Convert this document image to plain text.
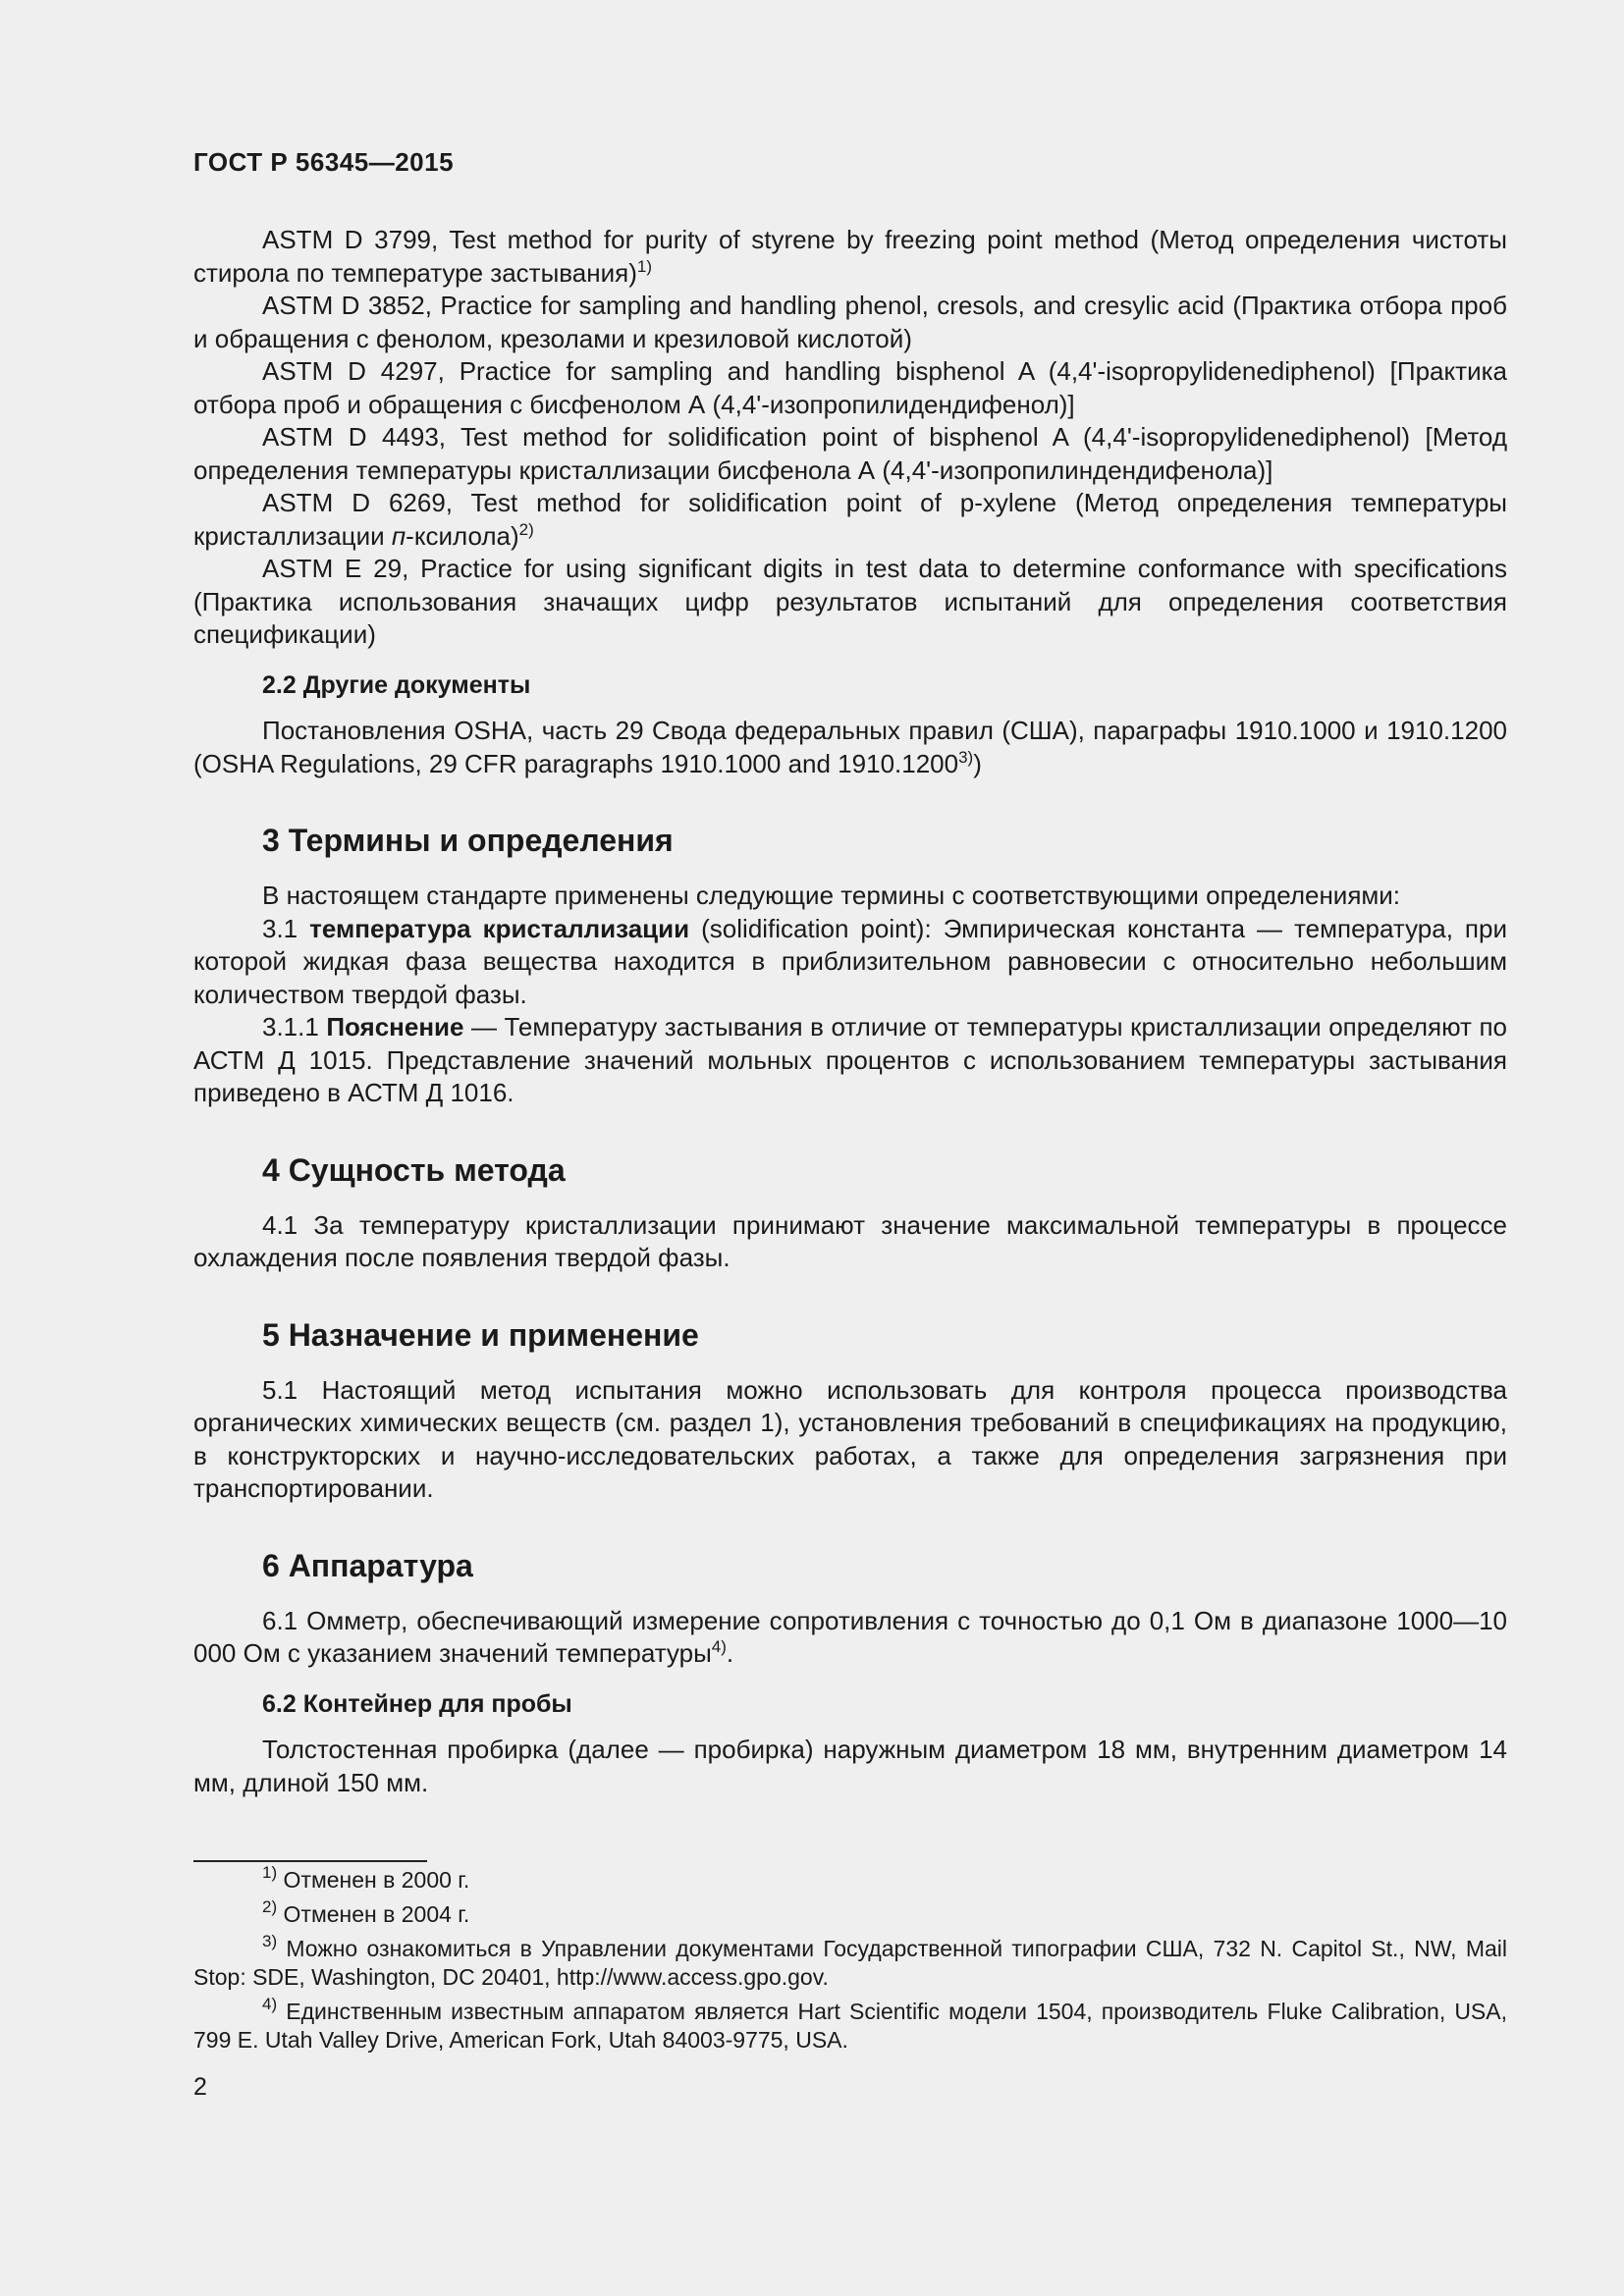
ГОСТ Р 56345—2015

ASTM D 3799, Test method for purity of styrene by freezing point method (Метод определения чистоты стирола по температуре застывания)$^{1)}$

ASTM D 3852, Practice for sampling and handling phenol, cresols, and cresylic acid (Практика отбора проб и обращения с фенолом, крезолами и крезиловой кислотой)

ASTM D 4297, Practice for sampling and handling bisphenol A (4,4'-isopropylidenediphenol) [Практика отбора проб и обращения с бисфенолом А (4,4'-изопропилидендифенол)]

ASTM D 4493, Test method for solidification point of bisphenol A (4,4'-isopropylidenediphenol) [Метод определения температуры кристаллизации бисфенола А (4,4'-изопропилиндендифенола)]

ASTM D 6269, Test method for solidification point of p-xylene (Метод определения температуры кристаллизации п-ксилола)$^{2)}$

ASTM E 29, Practice for using significant digits in test data to determine conformance with specifications (Практика использования значащих цифр результатов испытаний для определения соответствия спецификации)

2.2 Другие документы

Постановления OSHA, часть 29 Свода федеральных правил (США), параграфы 1910.1000 и 1910.1200 (OSHA Regulations, 29 CFR paragraphs 1910.1000 and 1910.1200$^{3)}$)

3 Термины и определения

В настоящем стандарте применены следующие термины с соответствующими определениями:

3.1 температура кристаллизации (solidification point): Эмпирическая константа — температура, при которой жидкая фаза вещества находится в приблизительном равновесии с относительно небольшим количеством твердой фазы.

3.1.1 Пояснение — Температуру застывания в отличие от температуры кристаллизации определяют по АСТМ Д 1015. Представление значений мольных процентов с использованием температуры застывания приведено в АСТМ Д 1016.

4 Сущность метода

4.1 За температуру кристаллизации принимают значение максимальной температуры в процессе охлаждения после появления твердой фазы.

5 Назначение и применение

5.1 Настоящий метод испытания можно использовать для контроля процесса производства органических химических веществ (см. раздел 1), установления требований в спецификациях на продукцию, в конструкторских и научно-исследовательских работах, а также для определения загрязнения при транспортировании.

6 Аппаратура

6.1 Омметр, обеспечивающий измерение сопротивления с точностью до 0,1 Ом в диапазоне 1000—10 000 Ом с указанием значений температуры$^{4)}$.

6.2 Контейнер для пробы

Толстостенная пробирка (далее — пробирка) наружным диаметром 18 мм, внутренним диаметром 14 мм, длиной 150 мм.

$^{1)}$ Отменен в 2000 г.

$^{2)}$ Отменен в 2004 г.

$^{3)}$ Можно ознакомиться в Управлении документами Государственной типографии США, 732 N. Capitol St., NW, Mail Stop: SDE, Washington, DC 20401, http://www.access.gpo.gov.

$^{4)}$ Единственным известным аппаратом является Hart Scientific модели 1504, производитель Fluke Calibration, USA, 799 E. Utah Valley Drive, American Fork, Utah 84003-9775, USA.

2
